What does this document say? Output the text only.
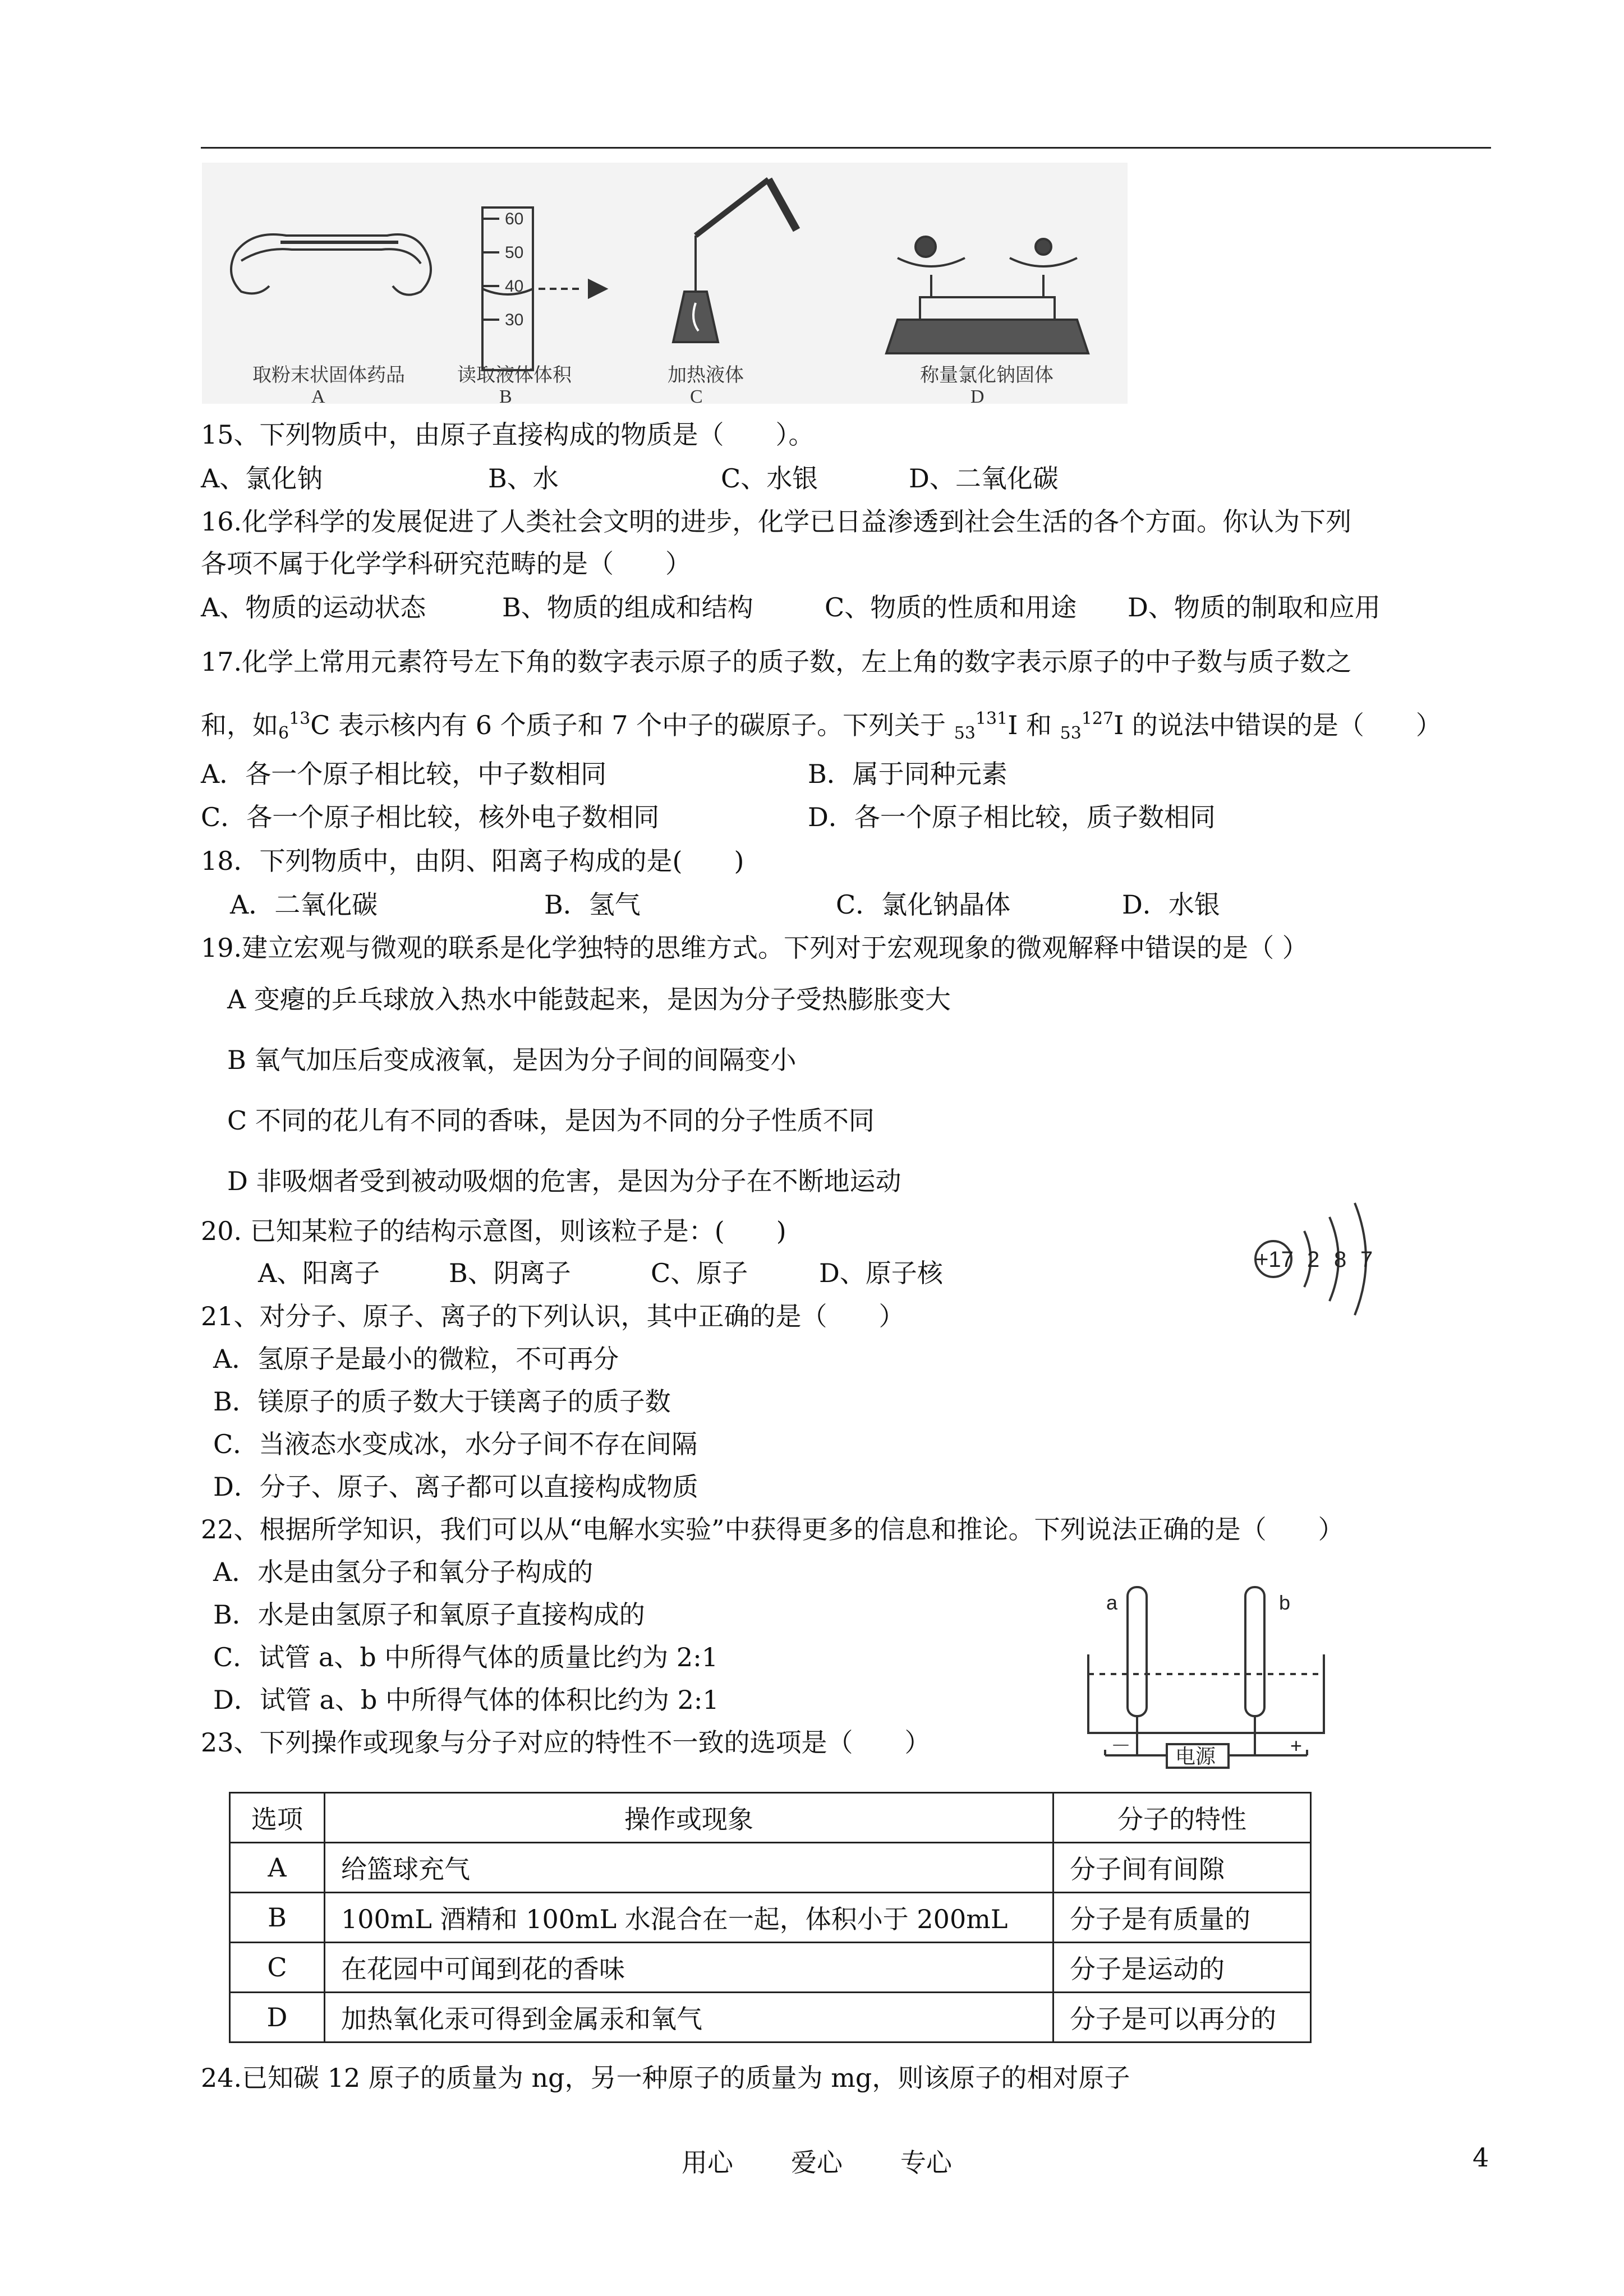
60
50
40
30
取粉末状固体药品
A
读取液体体积
B
加热液体
C
称量氯化钠固体
D
15、下列物质中，由原子直接构成的物质是（　　）。
A、氯化钠	B、水	C、水银	D、二氧化碳
16.化学科学的发展促进了人类社会文明的进步，化学已日益渗透到社会生活的各个方面。你认为下列
各项不属于化学学科研究范畴的是（　　）
A、物质的运动状态	B、物质的组成和结构	C、物质的性质和用途 D、物质的制取和应用
17.化学上常用元素符号左下角的数字表示原子的质子数，左上角的数字表示原子的中子数与质子数之
和，如$_6^{13}$C 表示核内有 6 个质子和 7 个中子的碳原子。下列关于 $_{53}^{131}$I 和 $_{53}^{127}$I 的说法中错误的是（　　）
A．各一个原子相比较，中子数相同	B．属于同种元素
C．各一个原子相比较，核外电子数相同	D．各一个原子相比较，质子数相同
18．下列物质中，由阴、阳离子构成的是(　　)
A．二氧化碳	B．氢气	C．氯化钠晶体	D．水银
19.建立宏观与微观的联系是化学独特的思维方式。下列对于宏观现象的微观解释中错误的是（ ）
A 变瘪的乒乓球放入热水中能鼓起来，是因为分子受热膨胀变大
B 氧气加压后变成液氧，是因为分子间的间隔变小
C 不同的花儿有不同的香味，是因为不同的分子性质不同
D 非吸烟者受到被动吸烟的危害，是因为分子在不断地运动
20. 已知某粒子的结构示意图，则该粒子是：(　　)
A、阳离子	B、阴离子	C、原子	D、原子核	+17 2 8 7
21、对分子、原子、离子的下列认识，其中正确的是（　　）
A．氢原子是最小的微粒，不可再分
B．镁原子的质子数大于镁离子的质子数
C．当液态水变成冰，水分子间不存在间隔
D．分子、原子、离子都可以直接构成物质
22、根据所学知识，我们可以从“电解水实验”中获得更多的信息和推论。下列说法正确的是（　　）
A．水是由氢分子和氧分子构成的
B．水是由氢原子和氧原子直接构成的
C．试管 a、b 中所得气体的质量比约为 2:1
D．试管 a、b 中所得气体的体积比约为 2:1
a	b
－	+
电源
23、下列操作或现象与分子对应的特性不一致的选项是（　　）
选项	操作或现象	分子的特性
A	给篮球充气	分子间有间隙
B	100mL 酒精和 100mL 水混合在一起，体积小于 200mL	分子是有质量的
C	在花园中可闻到花的香味	分子是运动的
D	加热氧化汞可得到金属汞和氧气	分子是可以再分的
24.已知碳 12 原子的质量为 ng，另一种原子的质量为 mg，则该原子的相对原子
用心 爱心 专心	4
